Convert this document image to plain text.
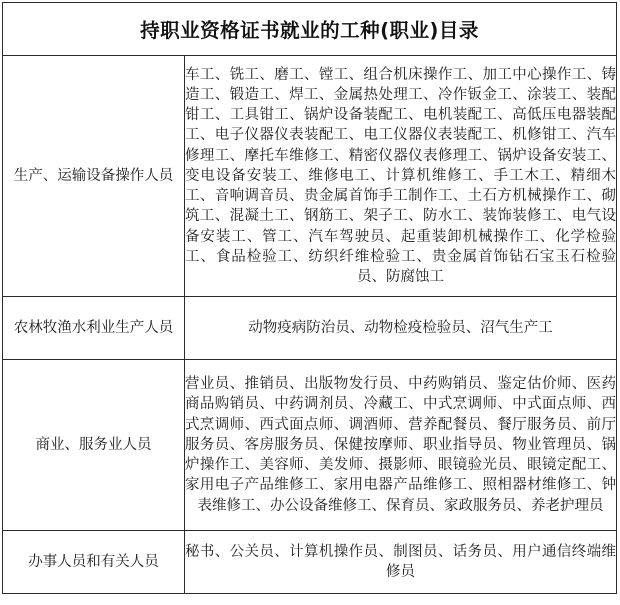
持职业资格证书就业的工种(职业)目录	
生产、运输设备操作人员	车工、铣工、磨工、镗工、组合机床操作工、加工中心操作工、铸造工、锻造工、焊工、金属热处理工、冷作钣金工、涂装工、装配钳工、工具钳工、锅炉设备装配工、电机装配工、高低压电器装配工、电子仪器仪表装配工、电工仪器仪表装配工、机修钳工、汽车修理工、摩托车维修工、精密仪器仪表修理工、锅炉设备安装工、变电设备安装工、维修电工、计算机维修工、手工木工、精细木工、音响调音员、贵金属首饰手工制作工、土石方机械操作工、砌筑工、混凝土工、钢筋工、架子工、防水工、装饰装修工、电气设备安装工、管工、汽车驾驶员、起重装卸机械操作工、化学检验工、食品检验工、纺织纤维检验工、贵金属首饰钻石宝玉石检验员、防腐蚀工
农林牧渔水利业生产人员	动物疫病防治员、动物检疫检验员、沼气生产工
商业、服务业人员	营业员、推销员、出版物发行员、中药购销员、鉴定估价师、医药商品购销员、中药调剂员、冷藏工、中式烹调师、中式面点师、西式烹调师、西式面点师、调酒师、营养配餐员、餐厅服务员、前厅服务员、客房服务员、保健按摩师、职业指导员、物业管理员、锅炉操作工、美容师、美发师、摄影师、眼镜验光员、眼镜定配工、家用电子产品维修工、家用电器产品维修工、照相器材维修工、钟表维修工、办公设备维修工、保育员、家政服务员、养老护理员
办事人员和有关人员	秘书、公关员、计算机操作员、制图员、话务员、用户通信终端维修员
